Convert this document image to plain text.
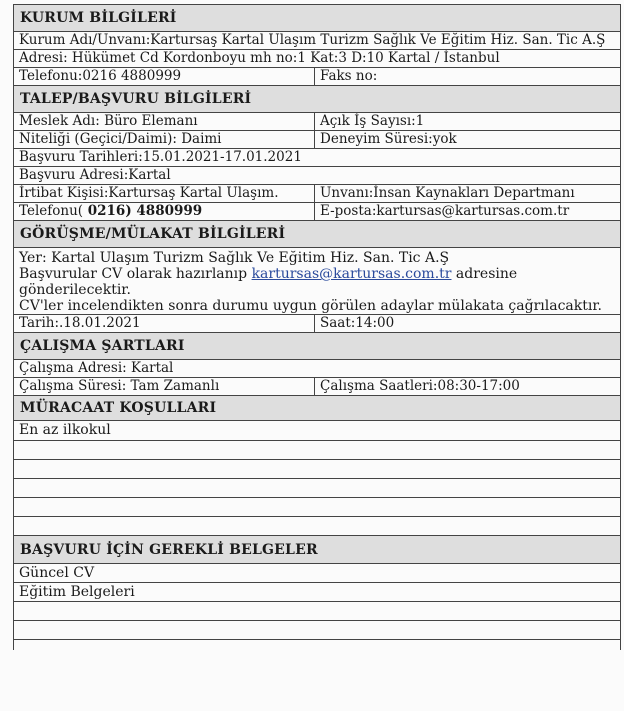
KURUM BİLGİLERİ
Kurum Adı/Unvanı:Kartursaş Kartal Ulaşım Turizm Sağlık Ve Eğitim Hiz. San. Tic A.Ş
Adresi: Hükümet Cd Kordonboyu mh no:1 Kat:3 D:10 Kartal / İstanbul
Telefonu:0216 4880999	Faks no:
TALEP/BAŞVURU BİLGİLERİ
Meslek Adı: Büro Elemanı	Açık İş Sayısı:1
Niteliği (Geçici/Daimi): Daimi	Deneyim Süresi:yok
Başvuru Tarihleri:15.01.2021-17.01.2021
Başvuru Adresi:Kartal
İrtibat Kişisi:Kartursaş Kartal Ulaşım.	Unvanı:İnsan Kaynakları Departmanı
Telefonu( 0216) 4880999	E-posta:kartursas@kartursas.com.tr
GÖRÜŞME/MÜLAKAT BİLGİLERİ
Yer: Kartal Ulaşım Turizm Sağlık Ve Eğitim Hiz. San. Tic A.Ş
Başvurular CV olarak hazırlanıp kartursas@kartursas.com.tr adresine gönderilecektir.
CV'ler incelendikten sonra durumu uygun görülen adaylar mülakata çağrılacaktır.
Tarih:.18.01.2021	Saat:14:00
ÇALIŞMA ŞARTLARI
Çalışma Adresi: Kartal
Çalışma Süresi: Tam Zamanlı	Çalışma Saatleri:08:30-17:00
MÜRACAAT KOŞULLARI
En az ilkokul
BAŞVURU İÇİN GEREKLİ BELGELER
Güncel CV
Eğitim Belgeleri
